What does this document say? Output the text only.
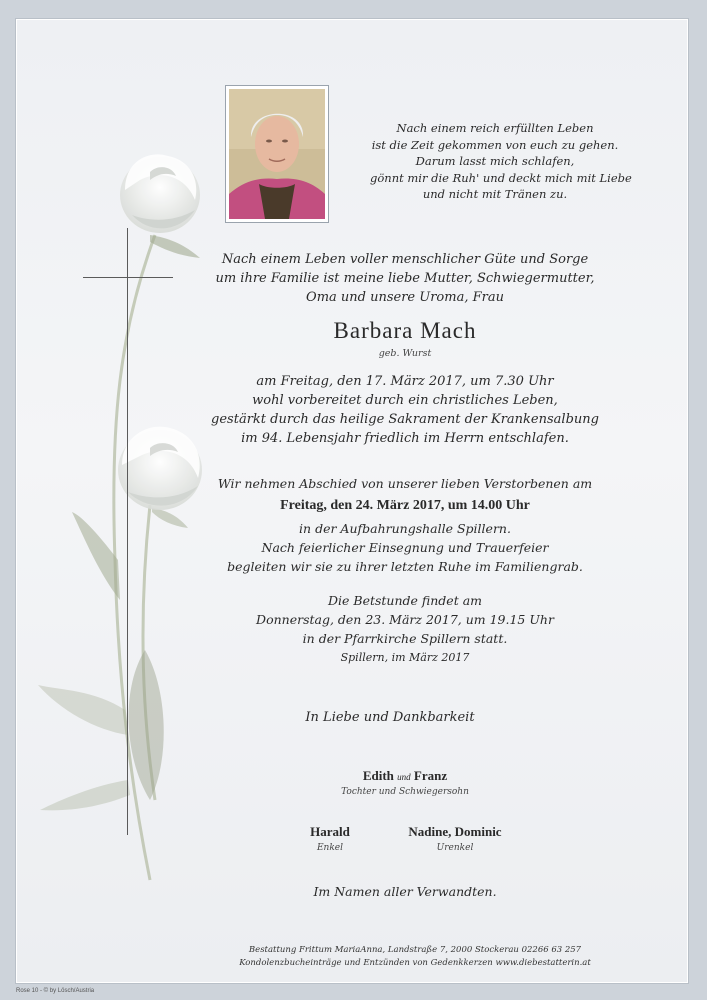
Nach einem reich erfüllten Leben
ist die Zeit gekommen von euch zu gehen.
Darum lasst mich schlafen,
gönnt mir die Ruh' und deckt mich mit Liebe
und nicht mit Tränen zu.
Nach einem Leben voller menschlicher Güte und Sorge
um ihre Familie ist meine liebe Mutter, Schwiegermutter,
Oma und unsere Uroma, Frau
Barbara Mach
geb. Wurst
am Freitag, den 17. März 2017, um 7.30 Uhr
wohl vorbereitet durch ein christliches Leben,
gestärkt durch das heilige Sakrament der Krankensalbung
im 94. Lebensjahr friedlich im Herrn entschlafen.
Wir nehmen Abschied von unserer lieben Verstorbenen am
Freitag, den 24. März 2017, um 14.00 Uhr
in der Aufbahrungshalle Spillern.
Nach feierlicher Einsegnung und Trauerfeier
begleiten wir sie zu ihrer letzten Ruhe im Familiengrab.
Die Betstunde findet am
Donnerstag, den 23. März 2017, um 19.15 Uhr
in der Pfarrkirche Spillern statt.
Spillern, im März 2017
In Liebe und Dankbarkeit
Edith und Franz
Tochter und Schwiegersohn
Harald
Enkel
Nadine, Dominic
Urenkel
Im Namen aller Verwandten.
Bestattung Frittum MariaAnna, Landstraße 7, 2000 Stockerau 02266 63 257
Kondolenzbucheinträge und Entzünden von Gedenkkerzen www.diebestatterin.at
Rose 10 - © by Lösch/Austria
